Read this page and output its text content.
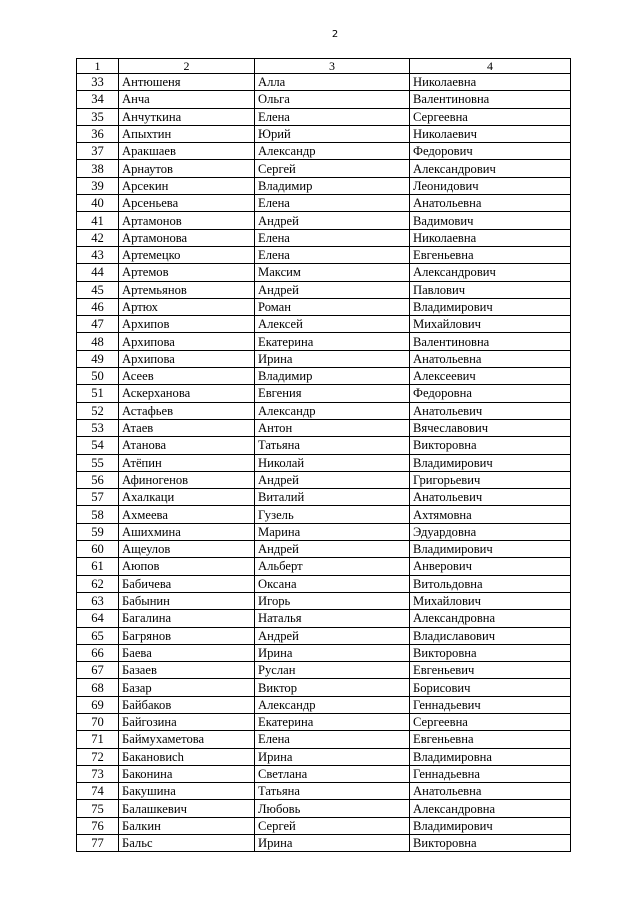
2
1	2	3	4
33	Антюшеня	Алла	Николаевна
34	Анча	Ольга	Валентиновна
35	Анчуткина	Елена	Сергеевна
36	Апыхтин	Юрий	Николаевич
37	Аракшаев	Александр	Федорович
38	Арнаутов	Сергей	Александрович
39	Арсекин	Владимир	Леонидович
40	Арсеньева	Елена	Анатольевна
41	Артамонов	Андрей	Вадимович
42	Артамонова	Елена	Николаевна
43	Артемецко	Елена	Евгеньевна
44	Артемов	Максим	Александрович
45	Артемьянов	Андрей	Павлович
46	Артюх	Роман	Владимирович
47	Архипов	Алексей	Михайлович
48	Архипова	Екатерина	Валентиновна
49	Архипова	Ирина	Анатольевна
50	Асеев	Владимир	Алексеевич
51	Аскерханова	Евгения	Федоровна
52	Астафьев	Александр	Анатольевич
53	Атаев	Антон	Вячеславович
54	Атанова	Татьяна	Викторовна
55	Атёпин	Николай	Владимирович
56	Афиногенов	Андрей	Григорьевич
57	Ахалкаци	Виталий	Анатольевич
58	Ахмеева	Гузель	Ахтямовна
59	Ашихмина	Марина	Эдуардовна
60	Ащеулов	Андрей	Владимирович
61	Аюпов	Альберт	Анверович
62	Бабичева	Оксана	Витольдовна
63	Бабынин	Игорь	Михайлович
64	Багалина	Наталья	Александровна
65	Багрянов	Андрей	Владиславович
66	Баева	Ирина	Викторовна
67	Базаев	Руслан	Евгеньевич
68	Базар	Виктор	Борисович
69	Байбаков	Александр	Геннадьевич
70	Байгозина	Екатерина	Сергеевна
71	Баймухаметова	Елена	Евгеньевна
72	Бакановиch	Ирина	Владимировна
73	Баконина	Светлана	Геннадьевна
74	Бакушина	Татьяна	Анатольевна
75	Балашкевич	Любовь	Александровна
76	Балкин	Сергей	Владимирович
77	Бальс	Ирина	Викторовна
